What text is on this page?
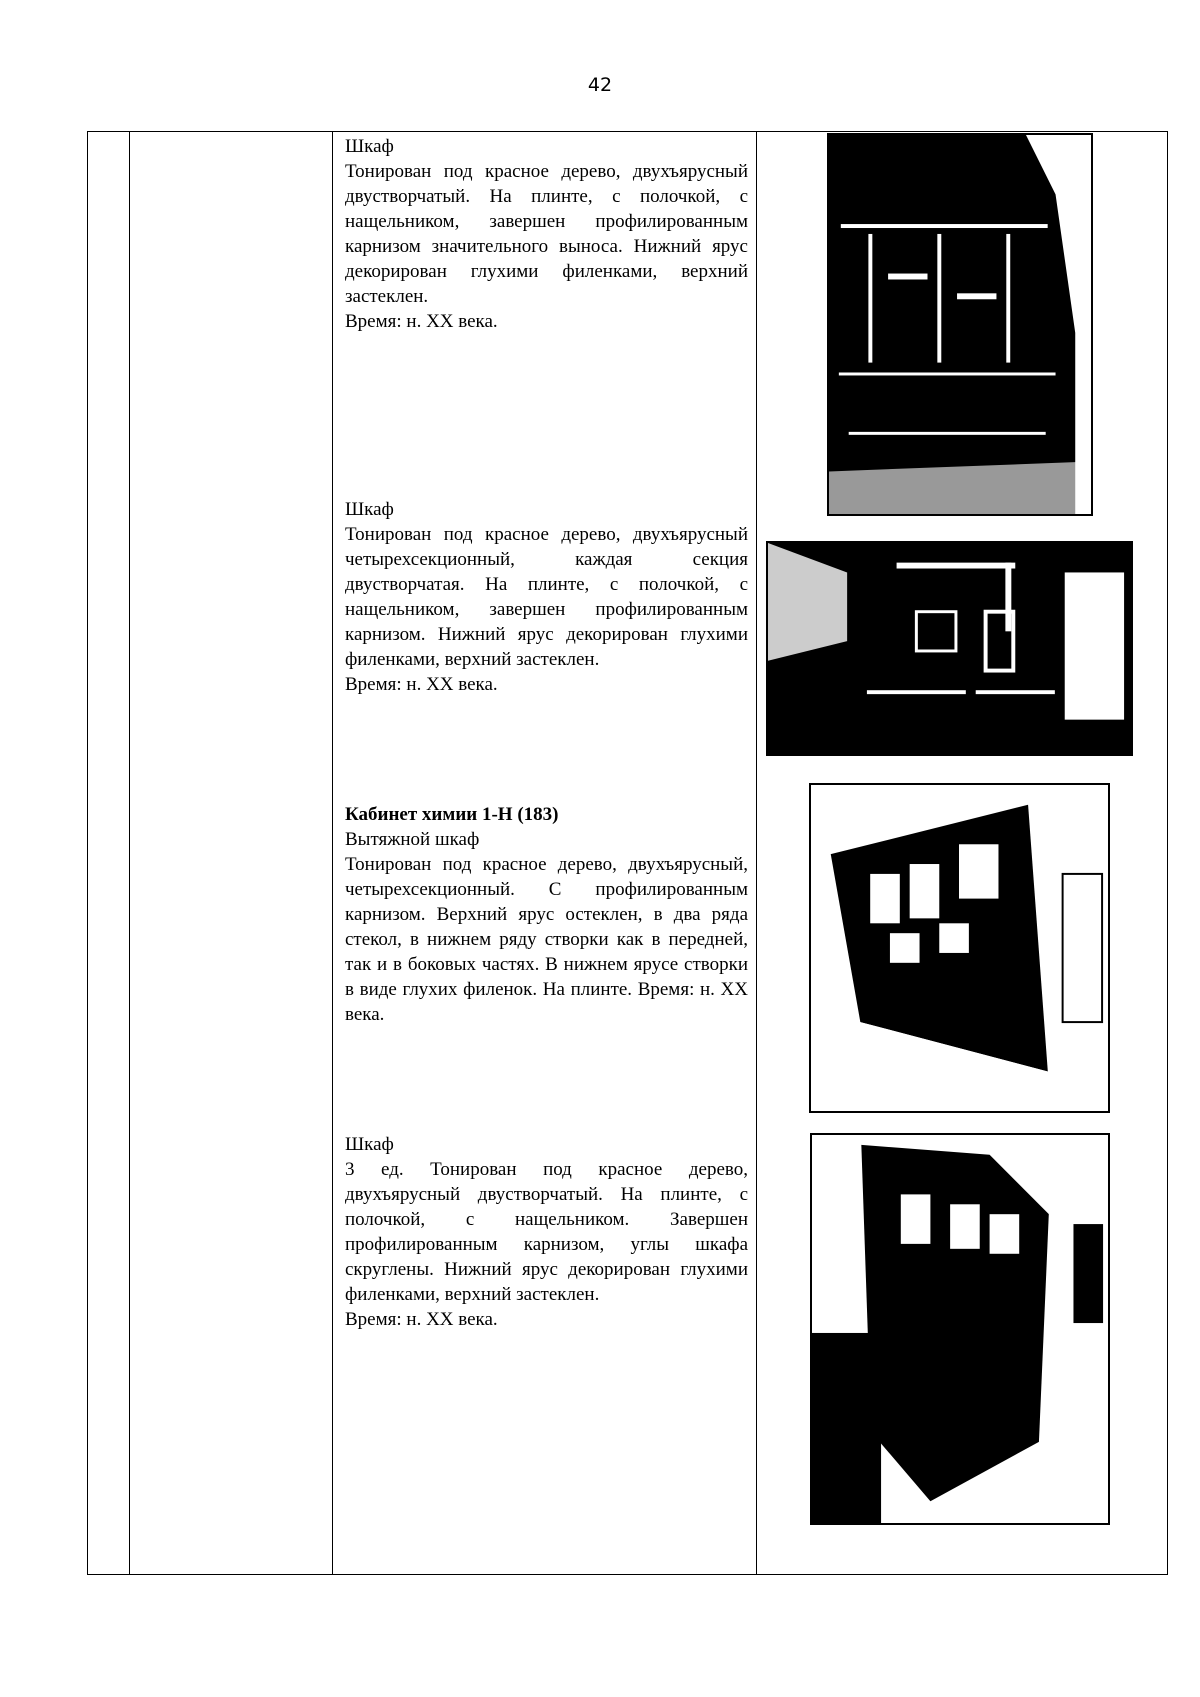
42

Шкаф

Тонирован под красное дерево, двухъярусный двустворчатый. На плинте, с полочкой, с нащельником, завершен профилированным карнизом значительного выноса. Нижний ярус декорирован глухими филенками, верхний застеклен.

Время: н. XX века.

Шкаф

Тонирован под красное дерево, двухъярусный четырехсекционный, каждая секция двустворчатая. На плинте, с полочкой, с нащельником, завершен профилированным карнизом. Нижний ярус декорирован глухими филенками, верхний застеклен.

Время: н. XX века.

Кабинет химии 1-Н (183)

Вытяжной шкаф

Тонирован под красное дерево, двухъярусный, четырехсекционный. С профилированным карнизом. Верхний ярус остеклен, в два ряда стекол, в нижнем ряду створки как в передней, так и в боковых частях. В нижнем ярусе створки в виде глухих филенок. На плинте. Время: н. XX века.

Шкаф

3 ед. Тонирован под красное дерево, двухъярусный двустворчатый. На плинте, с полочкой, с нащельником. Завершен профилированным карнизом, углы шкафа скруглены. Нижний ярус декорирован глухими филенками, верхний застеклен.

Время: н. XX века.
